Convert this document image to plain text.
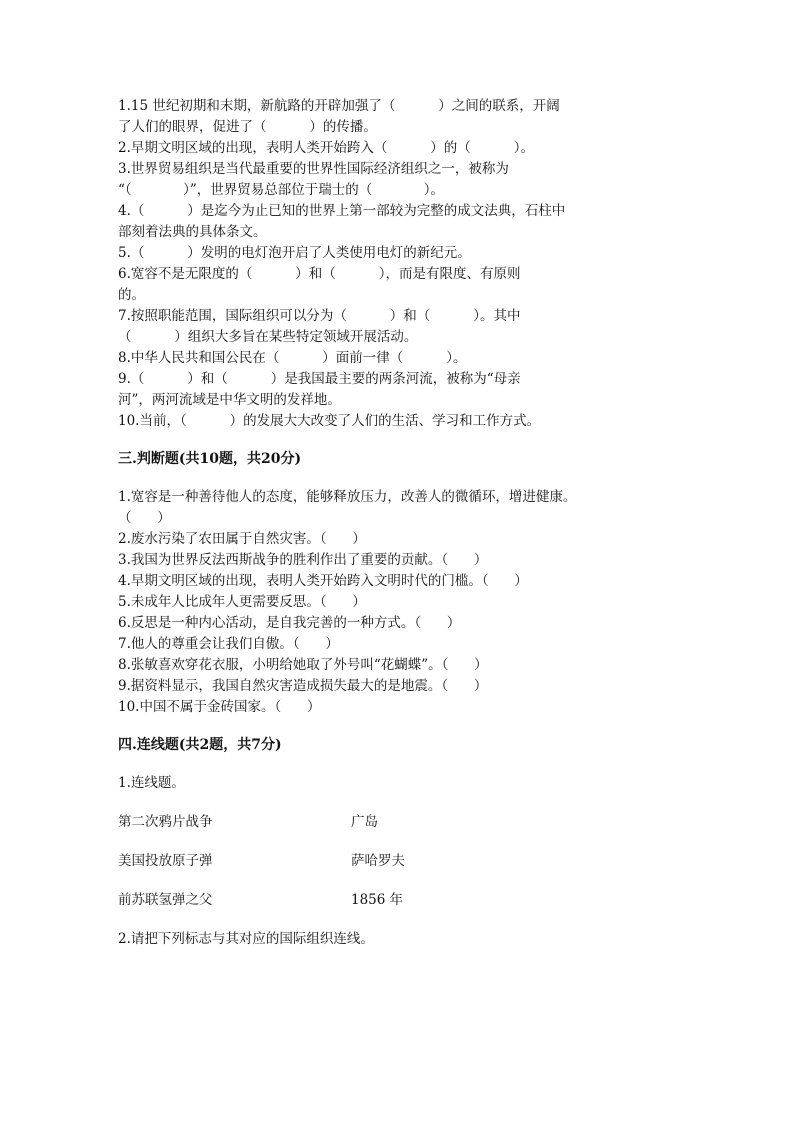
1.15 世纪初期和末期，新航路的开辟加强了（          ）之间的联系，开阔
了人们的眼界，促进了（          ）的传播。
2.早期文明区域的出现，表明人类开始跨入（          ）的（          ）。
3.世界贸易组织是当代最重要的世界性国际经济组织之一，被称为
“（            ）”，世界贸易总部位于瑞士的（            ）。
4.（          ）是迄今为止已知的世界上第一部较为完整的成文法典，石柱中
部刻着法典的具体条文。
5.（          ）发明的电灯泡开启了人类使用电灯的新纪元。
6.宽容不是无限度的（          ）和（          ），而是有限度、有原则
的。
7.按照职能范围，国际组织可以分为（          ）和（          ）。其中
（          ）组织大多旨在某些特定领域开展活动。
8.中华人民共和国公民在（          ）面前一律（          ）。
9.（          ）和（          ）是我国最主要的两条河流，被称为“母亲
河”，两河流域是中华文明的发祥地。
10.当前，（          ）的发展大大改变了人们的生活、学习和工作方式。
三.判断题(共10题，共20分)
1.宽容是一种善待他人的态度，能够释放压力，改善人的微循环，增进健康。
（      ）
2.废水污染了农田属于自然灾害。（      ）
3.我国为世界反法西斯战争的胜利作出了重要的贡献。（      ）
4.早期文明区域的出现，表明人类开始跨入文明时代的门槛。（      ）
5.未成年人比成年人更需要反思。（      ）
6.反思是一种内心活动，是自我完善的一种方式。（      ）
7.他人的尊重会让我们自傲。（      ）
8.张敏喜欢穿花衣服，小明给她取了外号叫“花蝴蝶”。（      ）
9.据资料显示，我国自然灾害造成损失最大的是地震。（      ）
10.中国不属于金砖国家。（      ）
四.连线题(共2题，共7分)
1.连线题。
第二次鸦片战争	广岛
美国投放原子弹	萨哈罗夫
前苏联氢弹之父	1856 年
2.请把下列标志与其对应的国际组织连线。
